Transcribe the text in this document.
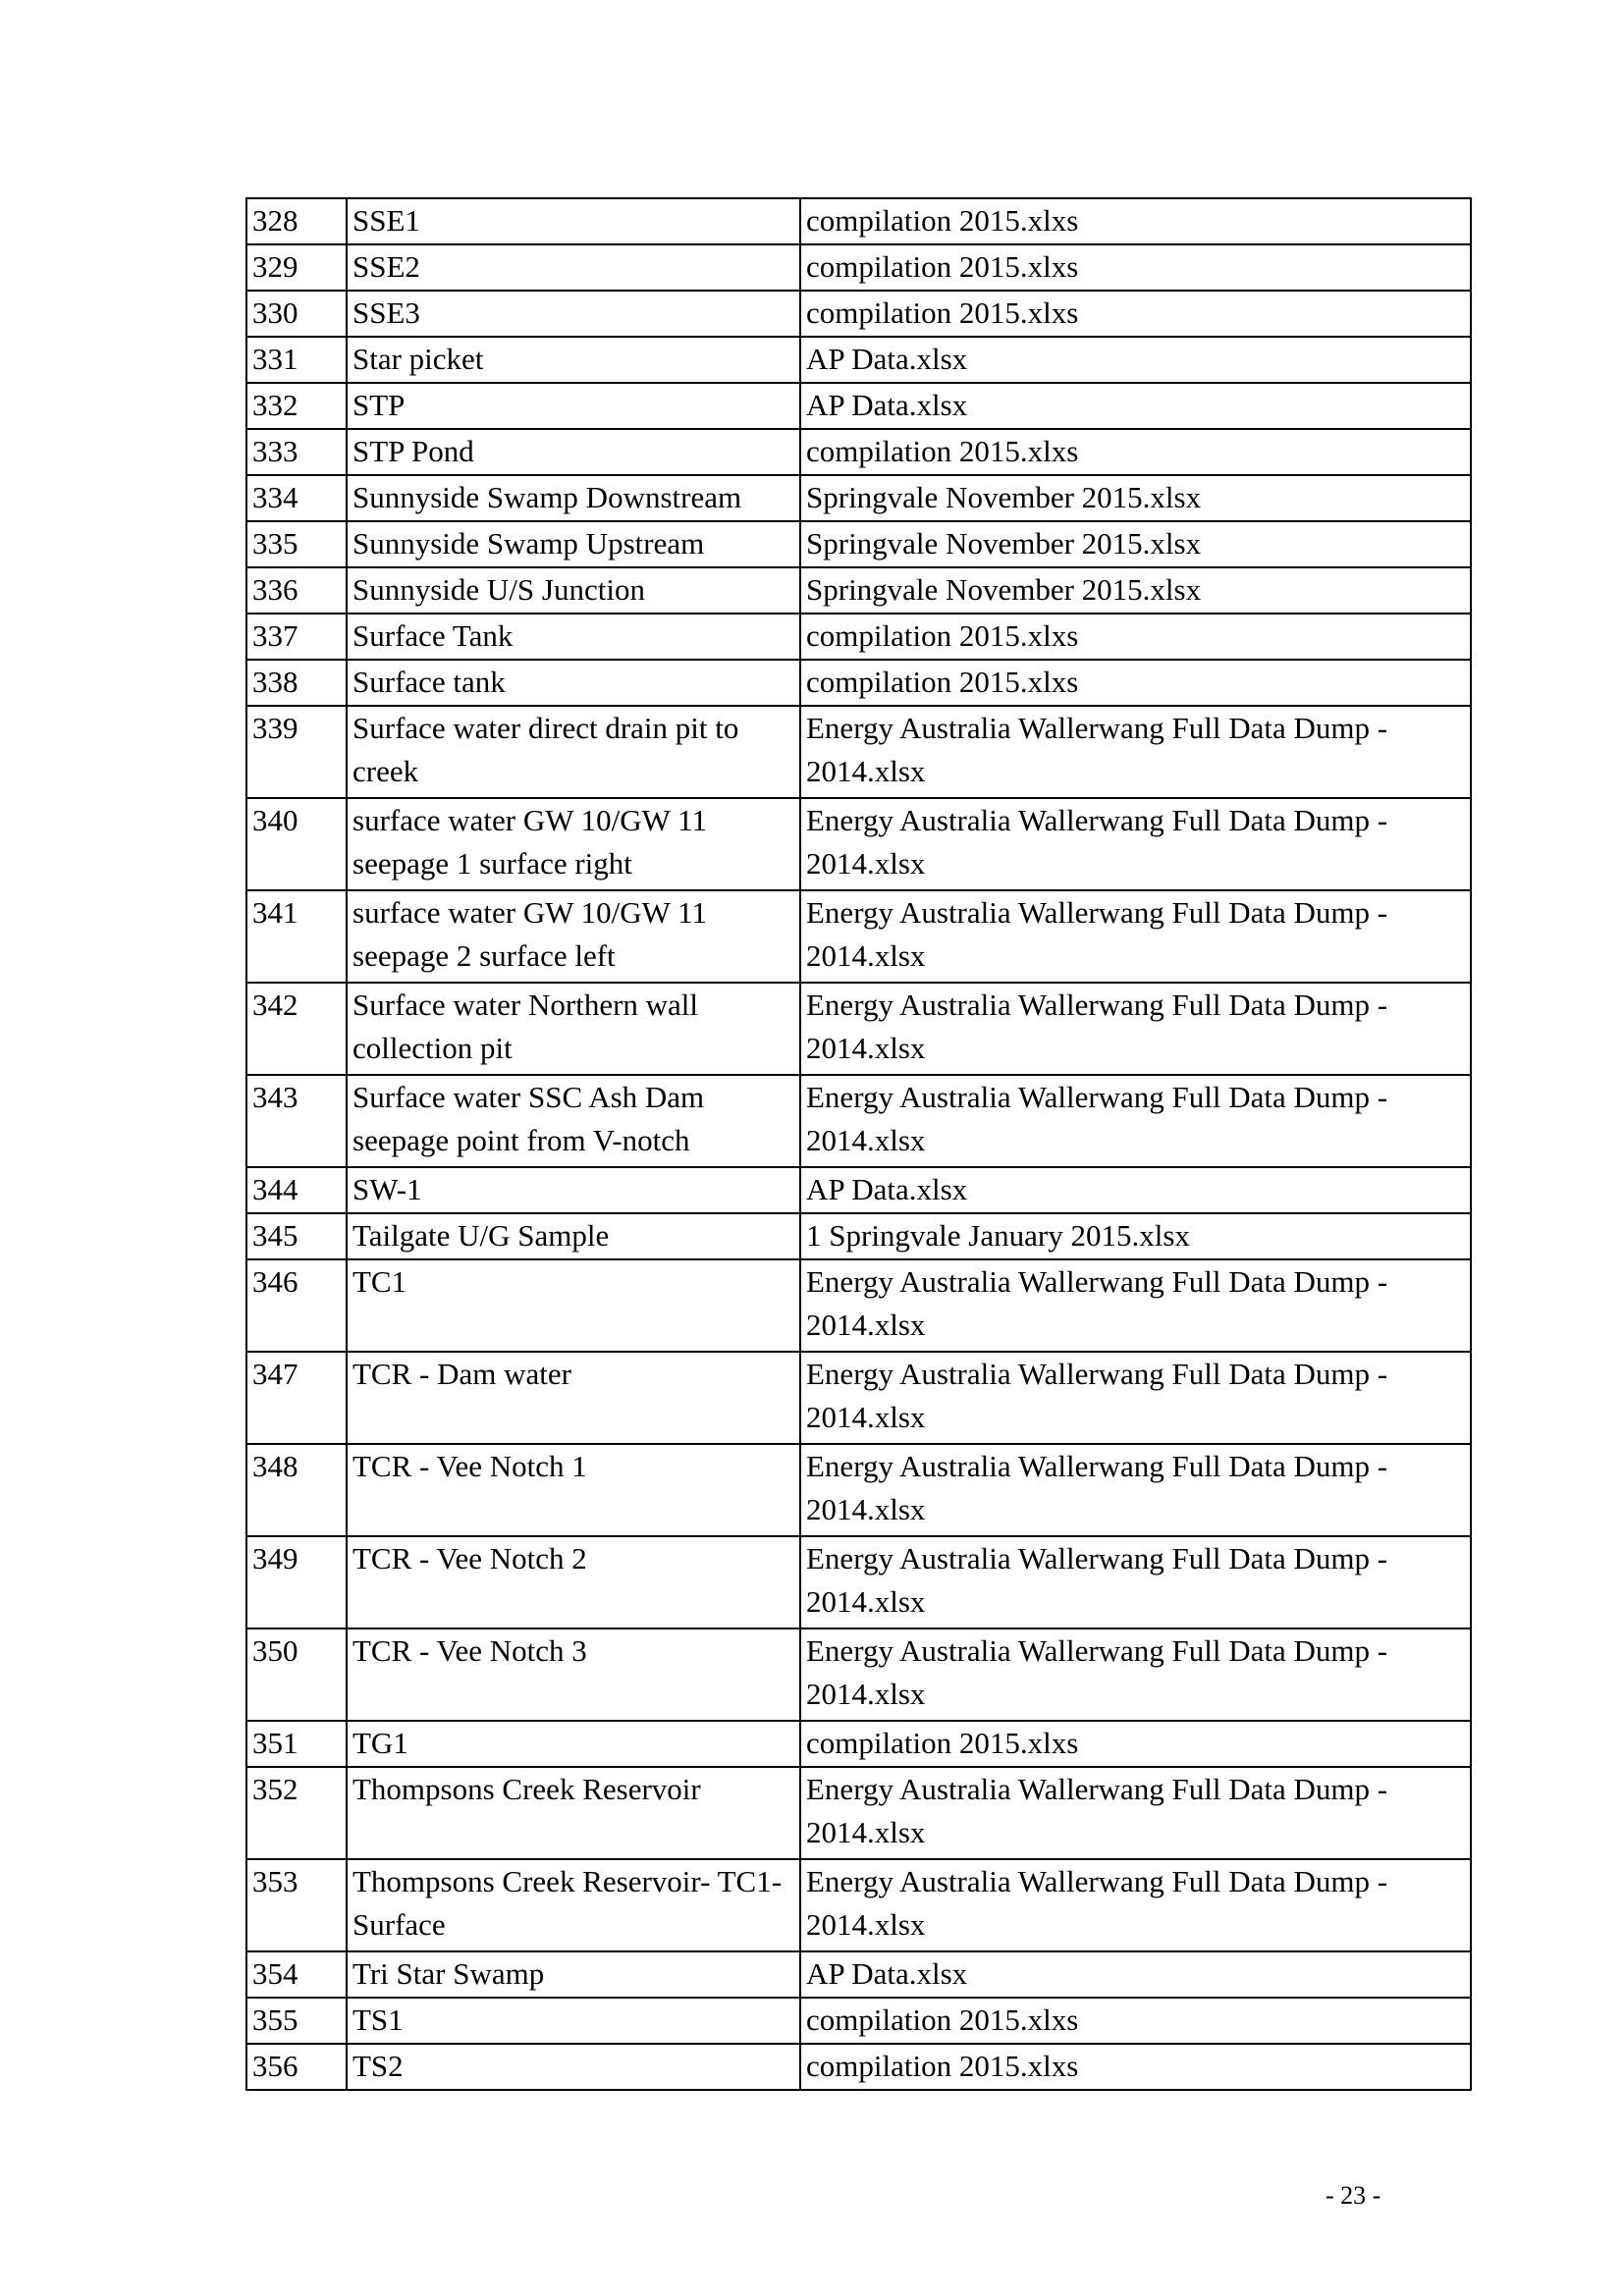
328	SSE1	compilation 2015.xlxs
329	SSE2	compilation 2015.xlxs
330	SSE3	compilation 2015.xlxs
331	Star picket	AP Data.xlsx
332	STP	AP Data.xlsx
333	STP Pond	compilation 2015.xlxs
334	Sunnyside Swamp Downstream	Springvale November 2015.xlsx
335	Sunnyside Swamp Upstream	Springvale November 2015.xlsx
336	Sunnyside U/S Junction	Springvale November 2015.xlsx
337	Surface Tank	compilation 2015.xlxs
338	Surface tank	compilation 2015.xlxs
339	Surface water direct drain pit to creek	Energy Australia Wallerwang Full Data Dump - 2014.xlsx
340	surface water GW 10/GW 11 seepage 1 surface right	Energy Australia Wallerwang Full Data Dump - 2014.xlsx
341	surface water GW 10/GW 11 seepage 2 surface left	Energy Australia Wallerwang Full Data Dump - 2014.xlsx
342	Surface water Northern wall collection pit	Energy Australia Wallerwang Full Data Dump - 2014.xlsx
343	Surface water SSC Ash Dam seepage point from V-notch	Energy Australia Wallerwang Full Data Dump - 2014.xlsx
344	SW-1	AP Data.xlsx
345	Tailgate U/G Sample	1 Springvale January 2015.xlsx
346	TC1	Energy Australia Wallerwang Full Data Dump - 2014.xlsx
347	TCR - Dam water	Energy Australia Wallerwang Full Data Dump - 2014.xlsx
348	TCR - Vee Notch 1	Energy Australia Wallerwang Full Data Dump - 2014.xlsx
349	TCR - Vee Notch 2	Energy Australia Wallerwang Full Data Dump - 2014.xlsx
350	TCR - Vee Notch 3	Energy Australia Wallerwang Full Data Dump - 2014.xlsx
351	TG1	compilation 2015.xlxs
352	Thompsons Creek Reservoir	Energy Australia Wallerwang Full Data Dump - 2014.xlsx
353	Thompsons Creek Reservoir- TC1- Surface	Energy Australia Wallerwang Full Data Dump - 2014.xlsx
354	Tri Star Swamp	AP Data.xlsx
355	TS1	compilation 2015.xlxs
356	TS2	compilation 2015.xlxs
- 23 -
